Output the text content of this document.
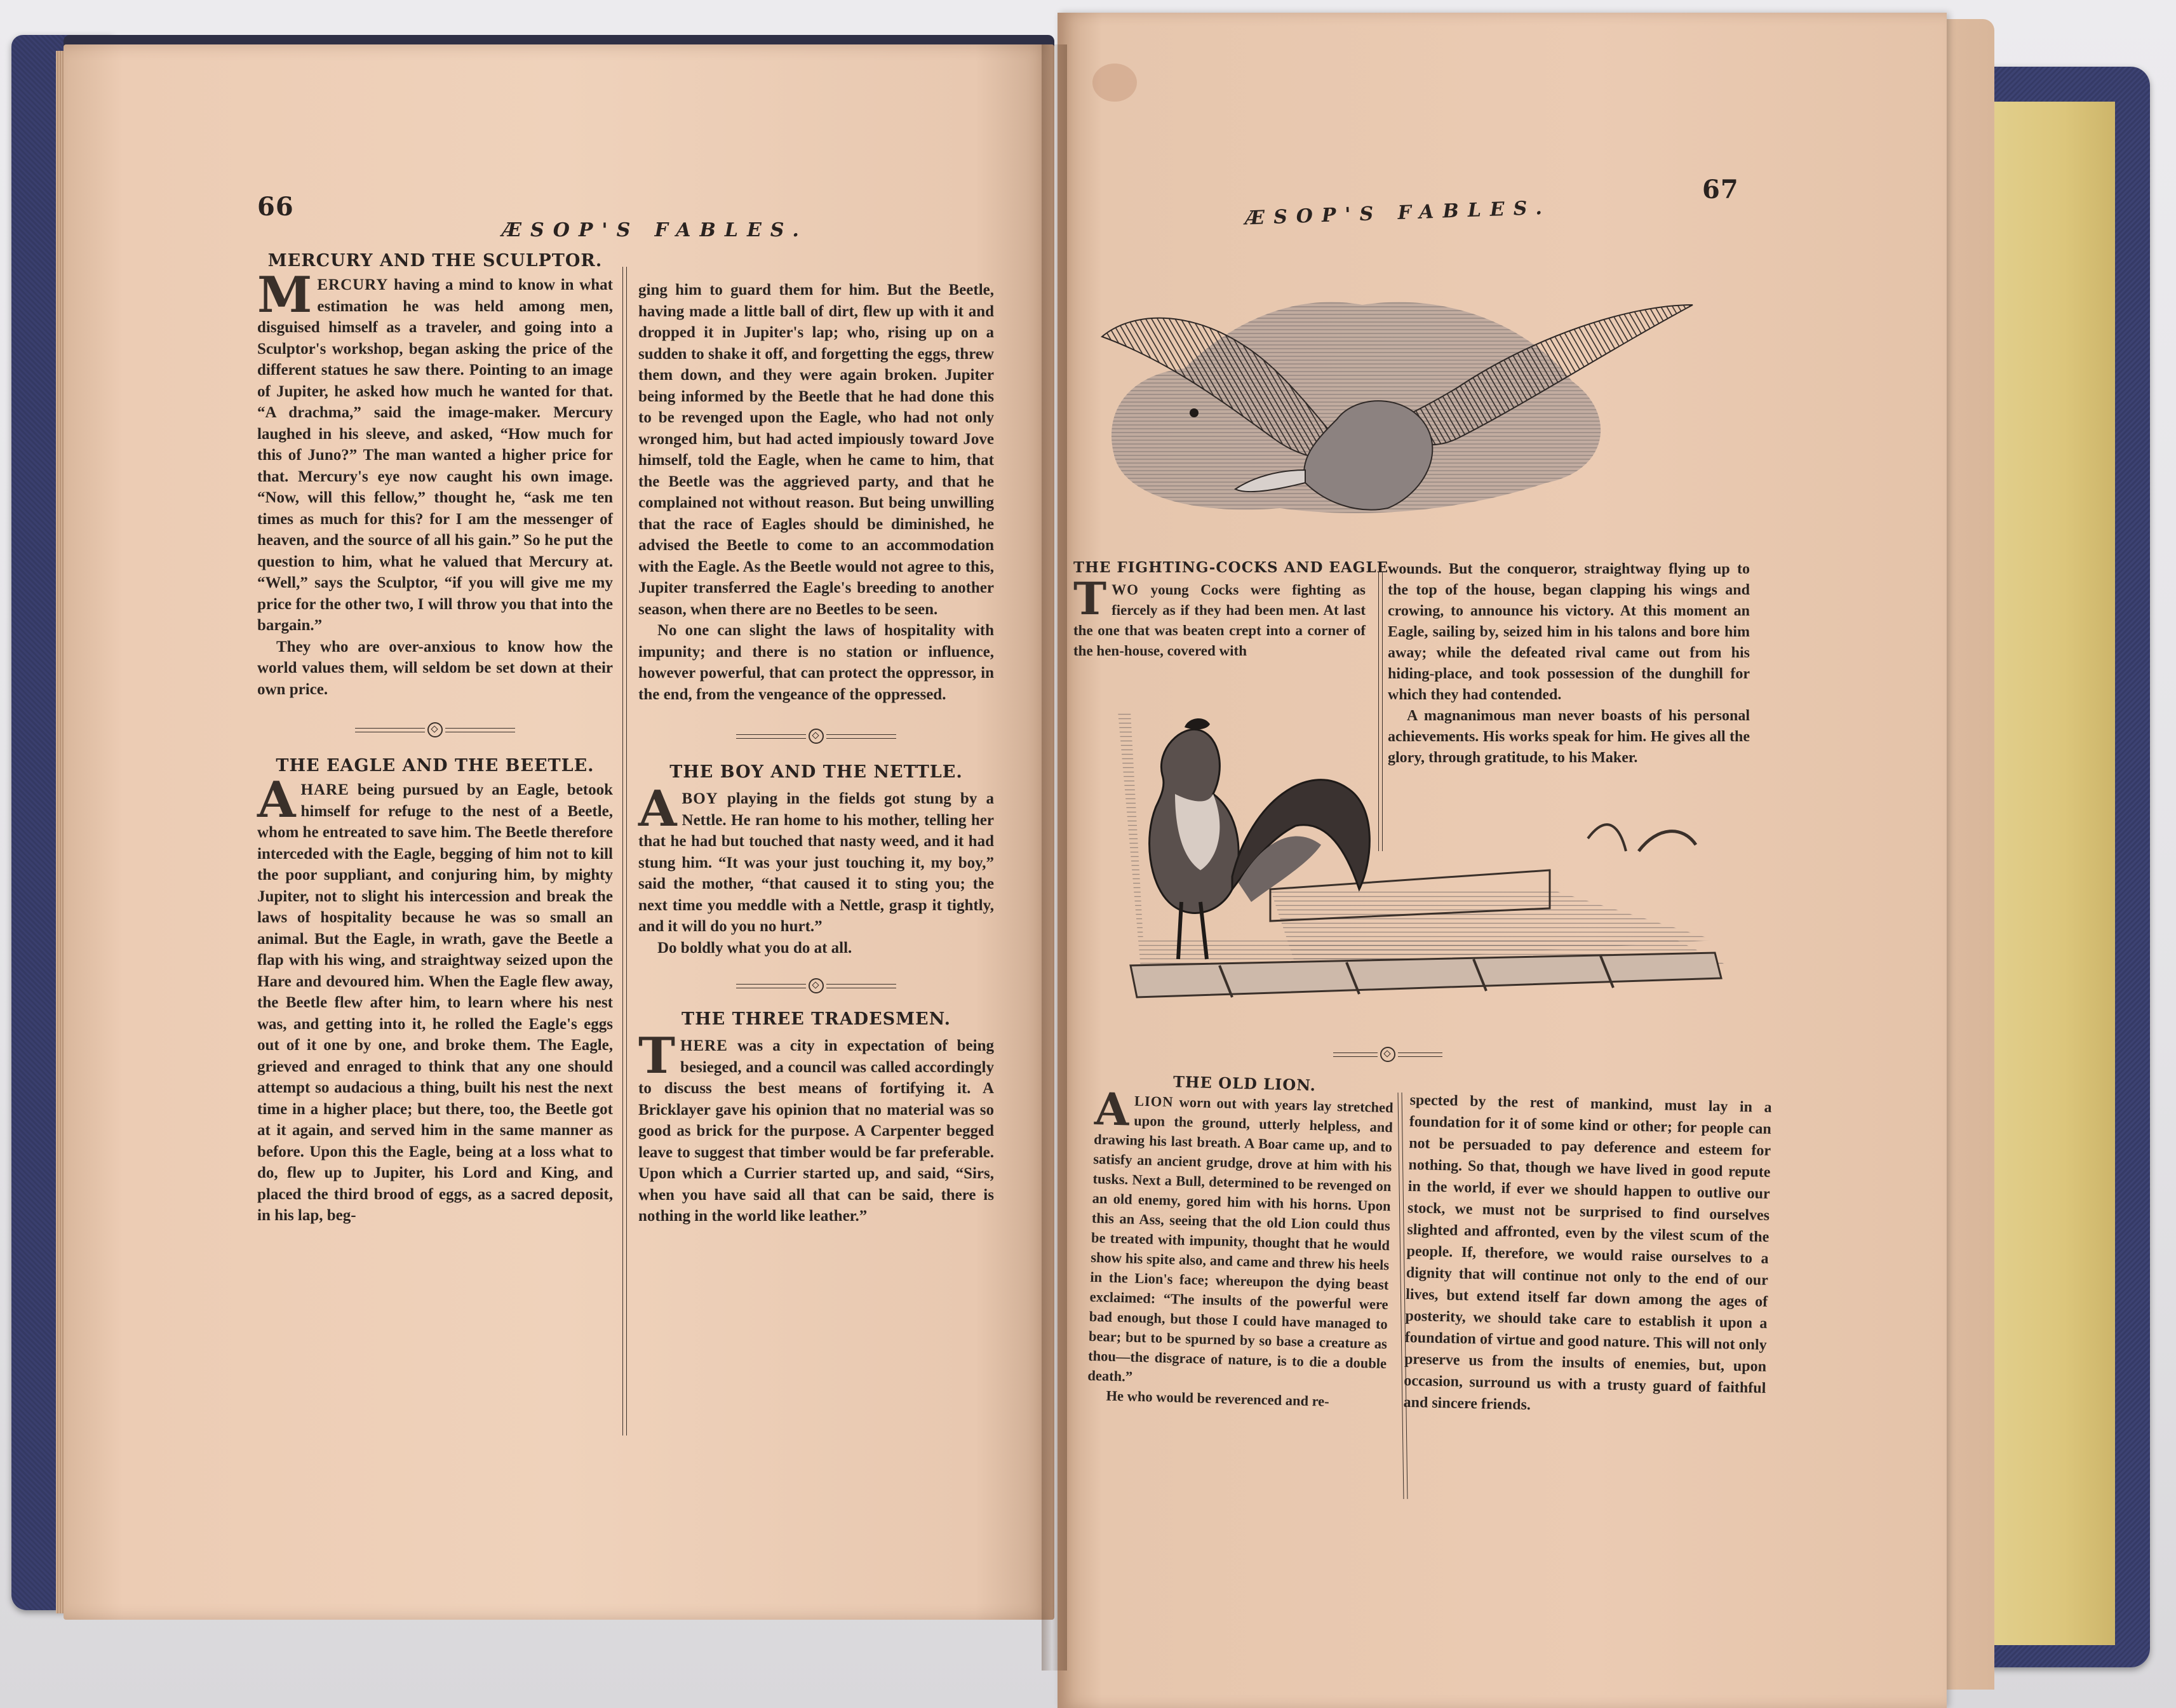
66
ÆSOP'S FABLES.
MERCURY AND THE SCULPTOR.

MERCURY having a mind to know in what estimation he was held among men, disguised himself as a traveler, and going into a Sculptor's workshop, began asking the price of the different statues he saw there. Pointing to an image of Jupiter, he asked how much he wanted for that. “A drachma,” said the image-maker. Mercury laughed in his sleeve, and asked, “How much for this of Juno?” The man wanted a higher price for that. Mercury's eye now caught his own image. “Now, will this fellow,” thought he, “ask me ten times as much for this? for I am the messenger of heaven, and the source of all his gain.” So he put the question to him, what he valued that Mercury at. “Well,” says the Sculptor, “if you will give me my price for the other two, I will throw you that into the bargain.”

They who are over-anxious to know how the world values them, will seldom be set down at their own price.

THE EAGLE AND THE BEETLE.

AHARE being pursued by an Eagle, betook himself for refuge to the nest of a Beetle, whom he entreated to save him. The Beetle therefore interceded with the Eagle, begging of him not to kill the poor suppliant, and conjuring him, by mighty Jupiter, not to slight his intercession and break the laws of hospitality because he was so small an animal. But the Eagle, in wrath, gave the Beetle a flap with his wing, and straightway seized upon the Hare and devoured him. When the Eagle flew away, the Beetle flew after him, to learn where his nest was, and getting into it, he rolled the Eagle's eggs out of it one by one, and broke them. The Eagle, grieved and enraged to think that any one should attempt so audacious a thing, built his nest the next time in a higher place; but there, too, the Beetle got at it again, and served him in the same manner as before. Upon this the Eagle, being at a loss what to do, flew up to Jupiter, his Lord and King, and placed the third brood of eggs, as a sacred deposit, in his lap, beg-

ging him to guard them for him. But the Beetle, having made a little ball of dirt, flew up with it and dropped it in Jupiter's lap; who, rising up on a sudden to shake it off, and forgetting the eggs, threw them down, and they were again broken. Jupiter being informed by the Beetle that he had done this to be revenged upon the Eagle, who had not only wronged him, but had acted impiously toward Jove himself, told the Eagle, when he came to him, that the Beetle was the aggrieved party, and that he complained not without reason. But being unwilling that the race of Eagles should be diminished, he advised the Beetle to come to an accommodation with the Eagle. As the Beetle would not agree to this, Jupiter transferred the Eagle's breeding to another season, when there are no Beetles to be seen.

No one can slight the laws of hospitality with impunity; and there is no station or influence, however powerful, that can protect the oppressor, in the end, from the vengeance of the oppressed.

THE BOY AND THE NETTLE.

ABOY playing in the fields got stung by a Nettle. He ran home to his mother, telling her that he had but touched that nasty weed, and it had stung him. “It was your just touching it, my boy,” said the mother, “that caused it to sting you; the next time you meddle with a Nettle, grasp it tightly, and it will do you no hurt.”

Do boldly what you do at all.

THE THREE TRADESMEN.

THERE was a city in expectation of being besieged, and a council was called accordingly to discuss the best means of fortifying it. A Bricklayer gave his opinion that no material was so good as brick for the purpose. A Carpenter begged leave to suggest that timber would be far preferable. Upon which a Currier started up, and said, “Sirs, when you have said all that can be said, there is nothing in the world like leather.”

ÆSOP'S FABLES.
67
THE FIGHTING-COCKS AND EAGLE.

TWO young Cocks were fighting as fiercely as if they had been men. At last the one that was beaten crept into a corner of the hen-house, covered with

wounds. But the conqueror, straightway flying up to the top of the house, began clapping his wings and crowing, to announce his victory. At this moment an Eagle, sailing by, seized him in his talons and bore him away; while the defeated rival came out from his hiding-place, and took possession of the dunghill for which they had contended.

A magnanimous man never boasts of his personal achievements. His works speak for him. He gives all the glory, through gratitude, to his Maker.

THE OLD LION.

ALION worn out with years lay stretched upon the ground, utterly helpless, and drawing his last breath. A Boar came up, and to satisfy an ancient grudge, drove at him with his tusks. Next a Bull, determined to be revenged on an old enemy, gored him with his horns. Upon this an Ass, seeing that the old Lion could thus be treated with impunity, thought that he would show his spite also, and came and threw his heels in the Lion's face; whereupon the dying beast exclaimed: “The insults of the powerful were bad enough, but those I could have managed to bear; but to be spurned by so base a creature as thou—the disgrace of nature, is to die a double death.”

He who would be reverenced and re-

spected by the rest of mankind, must lay in a foundation for it of some kind or other; for people can not be persuaded to pay deference and esteem for nothing. So that, though we have lived in good repute in the world, if ever we should happen to outlive our stock, we must not be surprised to find ourselves slighted and affronted, even by the vilest scum of the people. If, therefore, we would raise ourselves to a dignity that will continue not only to the end of our lives, but extend itself far down among the ages of posterity, we should take care to establish it upon a foundation of virtue and good nature. This will not only preserve us from the insults of enemies, but, upon occasion, surround us with a trusty guard of faithful and sincere friends.
